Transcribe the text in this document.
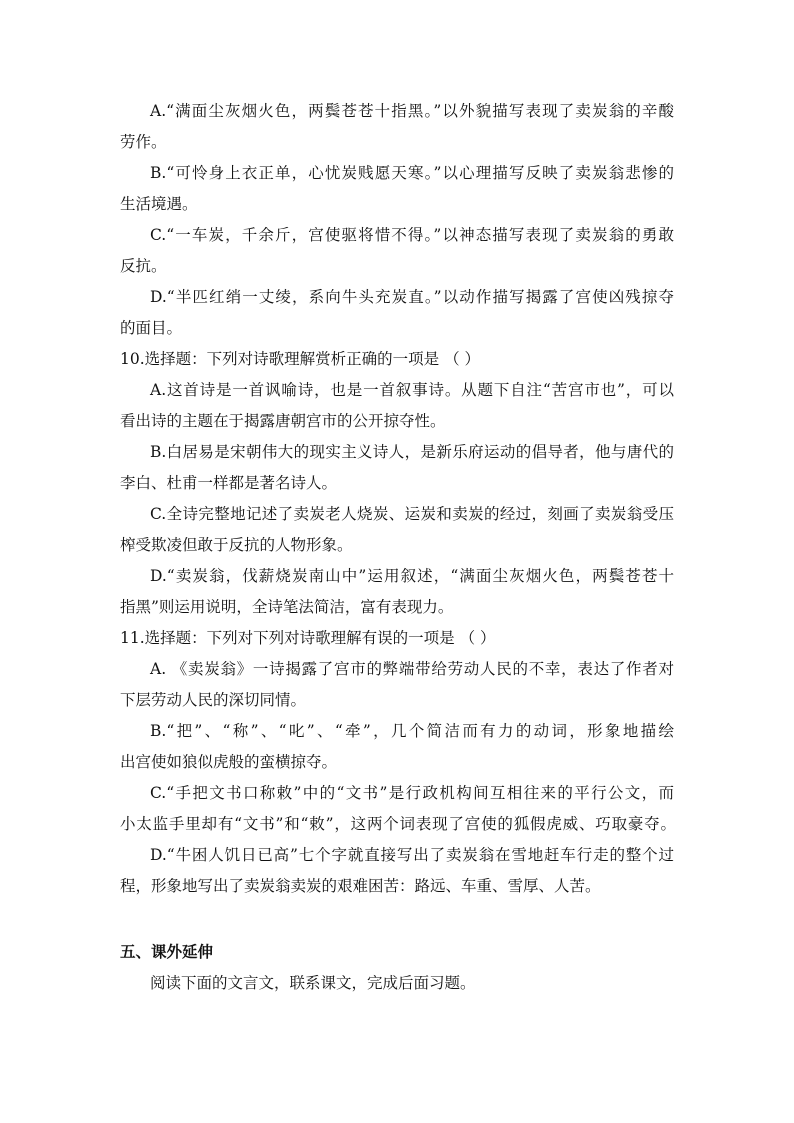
A.“满面尘灰烟火色，两鬓苍苍十指黑。”以外貌描写表现了卖炭翁的辛酸
劳作。
B.“可怜身上衣正单，心忧炭贱愿天寒。”以心理描写反映了卖炭翁悲惨的
生活境遇。
C.“一车炭，千余斤，宫使驱将惜不得。”以神态描写表现了卖炭翁的勇敢
反抗。
D.“半匹红绡一丈绫，系向牛头充炭直。”以动作描写揭露了宫使凶残掠夺
的面目。
10.选择题：下列对诗歌理解赏析正确的一项是 （ ）
A.这首诗是一首讽喻诗，也是一首叙事诗。从题下自注“苦宫市也”，可以
看出诗的主题在于揭露唐朝宫市的公开掠夺性。
B.白居易是宋朝伟大的现实主义诗人，是新乐府运动的倡导者，他与唐代的
李白、杜甫一样都是著名诗人。
C.全诗完整地记述了卖炭老人烧炭、运炭和卖炭的经过，刻画了卖炭翁受压
榨受欺凌但敢于反抗的人物形象。
D.“卖炭翁，伐薪烧炭南山中”运用叙述，“满面尘灰烟火色，两鬓苍苍十
指黑”则运用说明，全诗笔法简洁，富有表现力。
11.选择题：下列对下列对诗歌理解有误的一项是 （ ）
A. 《卖炭翁》一诗揭露了宫市的弊端带给劳动人民的不幸，表达了作者对
下层劳动人民的深切同情。
B.“把”、“称”、“叱”、“牵”，几个简洁而有力的动词，形象地描绘
出宫使如狼似虎般的蛮横掠夺。
C.“手把文书口称敕”中的“文书”是行政机构间互相往来的平行公文，而
小太监手里却有“文书”和“敕”，这两个词表现了宫使的狐假虎威、巧取豪夺。
D.“牛困人饥日已高”七个字就直接写出了卖炭翁在雪地赶车行走的整个过
程，形象地写出了卖炭翁卖炭的艰难困苦：路远、车重、雪厚、人苦。
五、课外延伸
阅读下面的文言文，联系课文，完成后面习题。
